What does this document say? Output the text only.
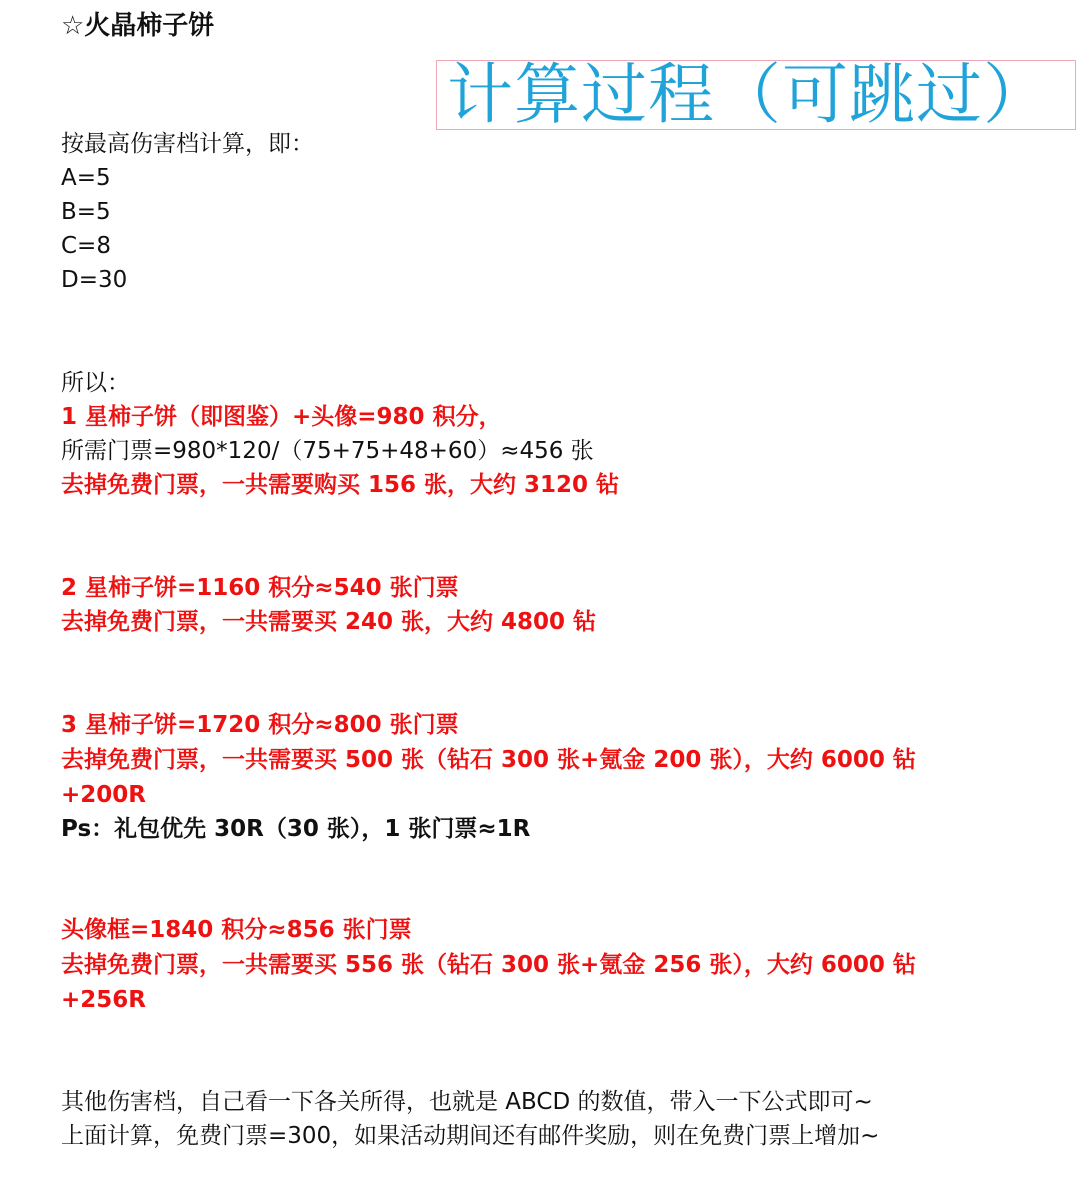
☆火晶柿子饼
计算过程（可跳过）
按最高伤害档计算，即：
A=5
B=5
C=8
D=30
所以：
1 星柿子饼（即图鉴）+头像=980 积分，
所需门票=980*120/（75+75+48+60）≈456 张
去掉免费门票，一共需要购买 156 张，大约 3120 钻
2 星柿子饼=1160 积分≈540 张门票
去掉免费门票，一共需要买 240 张，大约 4800 钻
3 星柿子饼=1720 积分≈800 张门票
去掉免费门票，一共需要买 500 张（钻石 300 张+氪金 200 张），大约 6000 钻
+200R
Ps：礼包优先 30R（30 张），1 张门票≈1R
头像框=1840 积分≈856 张门票
去掉免费门票，一共需要买 556 张（钻石 300 张+氪金 256 张），大约 6000 钻
+256R
其他伤害档，自己看一下各关所得，也就是 ABCD 的数值，带入一下公式即可~
上面计算，免费门票=300，如果活动期间还有邮件奖励，则在免费门票上增加~
